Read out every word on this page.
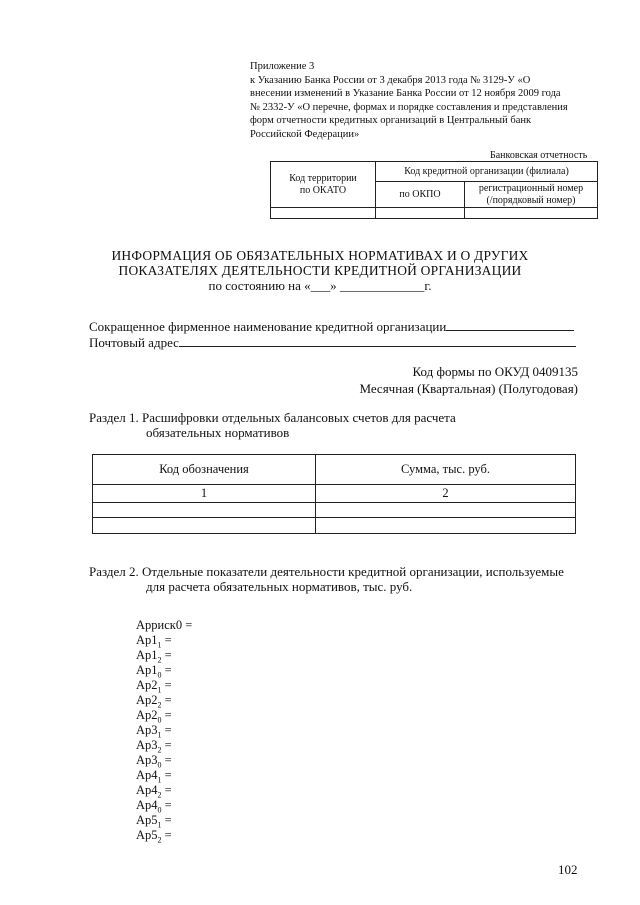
Приложение 3
к Указанию Банка России от 3 декабря 2013 года № 3129-У «О
внесении изменений в Указание Банка России от 12 ноября 2009 года
№ 2332-У «О перечне, формах и порядке составления и представления
форм отчетности кредитных организаций в Центральный банк
Российской Федерации»
Банковская отчетность
Код территории
по ОКАТО	Код кредитной организации (филиала)	
	по ОКПО	регистрационный номер
(/порядковый номер)

ИНФОРМАЦИЯ ОБ ОБЯЗАТЕЛЬНЫХ НОРМАТИВАХ И О ДРУГИХ
ПОКАЗАТЕЛЯХ ДЕЯТЕЛЬНОСТИ КРЕДИТНОЙ ОРГАНИЗАЦИИ
по состоянию на «___» _____________г.
Сокращенное фирменное наименование кредитной организации
Почтовый адрес
Код формы по ОКУД 0409135
Месячная (Квартальная) (Полугодовая)
Раздел 1. Расшифровки отдельных балансовых счетов для расчета
обязательных нормативов
Код обозначения	Сумма, тыс. руб.
1	2

Раздел 2. Отдельные показатели деятельности кредитной организации, используемые
для расчета обязательных нормативов, тыс. руб.
Арриск0 =
$Ар1_1$ =
$Ар1_2$ =
$Ар1_0$ =
$Ар2_1$ =
$Ар2_2$ =
$Ар2_0$ =
$Ар3_1$ =
$Ар3_2$ =
$Ар3_0$ =
$Ар4_1$ =
$Ар4_2$ =
$Ар4_0$ =
$Ар5_1$ =
$Ар5_2$ =
102
